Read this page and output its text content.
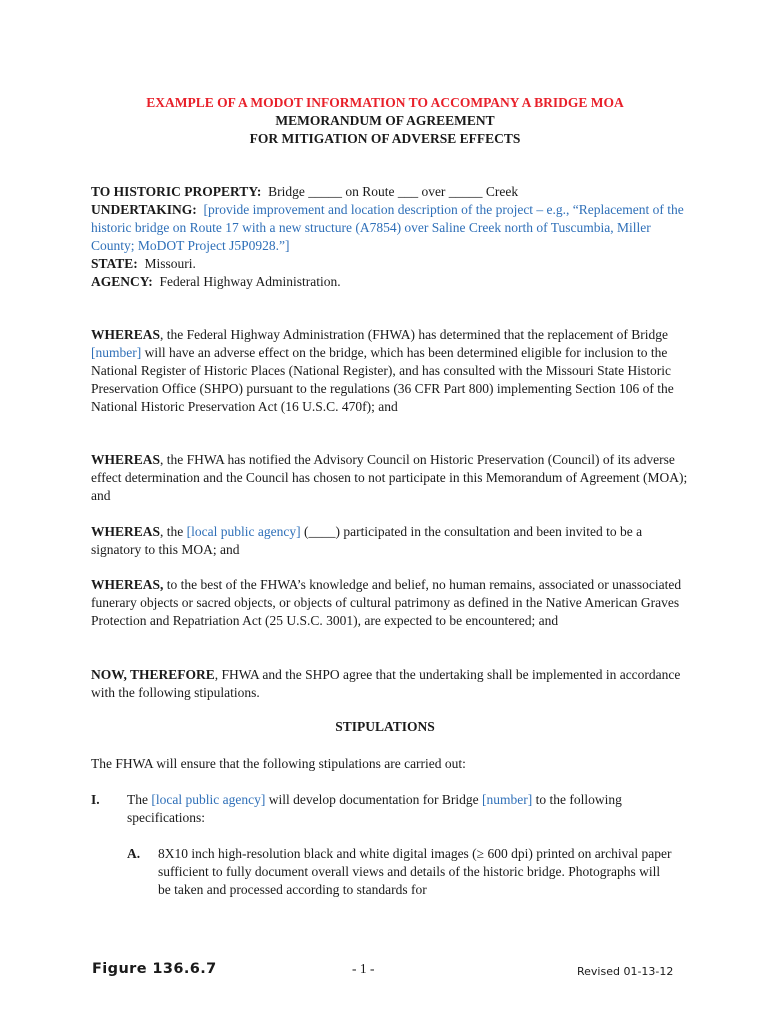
EXAMPLE OF A MODOT INFORMATION TO ACCOMPANY A BRIDGE MOA
MEMORANDUM OF AGREEMENT
FOR MITIGATION OF ADVERSE EFFECTS
TO HISTORIC PROPERTY: Bridge _____ on Route ___ over _____ Creek
UNDERTAKING: [provide improvement and location description of the project – e.g., “Replacement of the historic bridge on Route 17 with a new structure (A7854) over Saline Creek north of Tuscumbia, Miller County; MoDOT Project J5P0928.”]
STATE: Missouri.
AGENCY: Federal Highway Administration.
WHEREAS, the Federal Highway Administration (FHWA) has determined that the replacement of Bridge [number] will have an adverse effect on the bridge, which has been determined eligible for inclusion to the National Register of Historic Places (National Register), and has consulted with the Missouri State Historic Preservation Office (SHPO) pursuant to the regulations (36 CFR Part 800) implementing Section 106 of the National Historic Preservation Act (16 U.S.C. 470f); and
WHEREAS, the FHWA has notified the Advisory Council on Historic Preservation (Council) of its adverse effect determination and the Council has chosen to not participate in this Memorandum of Agreement (MOA); and
WHEREAS, the [local public agency] (____) participated in the consultation and been invited to be a signatory to this MOA; and
WHEREAS, to the best of the FHWA’s knowledge and belief, no human remains, associated or unassociated funerary objects or sacred objects, or objects of cultural patrimony as defined in the Native American Graves Protection and Repatriation Act (25 U.S.C. 3001), are expected to be encountered; and
NOW, THEREFORE, FHWA and the SHPO agree that the undertaking shall be implemented in accordance with the following stipulations.
STIPULATIONS
The FHWA will ensure that the following stipulations are carried out:
I. The [local public agency] will develop documentation for Bridge [number] to the following specifications:
A. 8X10 inch high-resolution black and white digital images (≥ 600 dpi) printed on archival paper sufficient to fully document overall views and details of the historic bridge. Photographs will be taken and processed according to standards for
Figure 136.6.7	- 1 -	Revised 01-13-12
